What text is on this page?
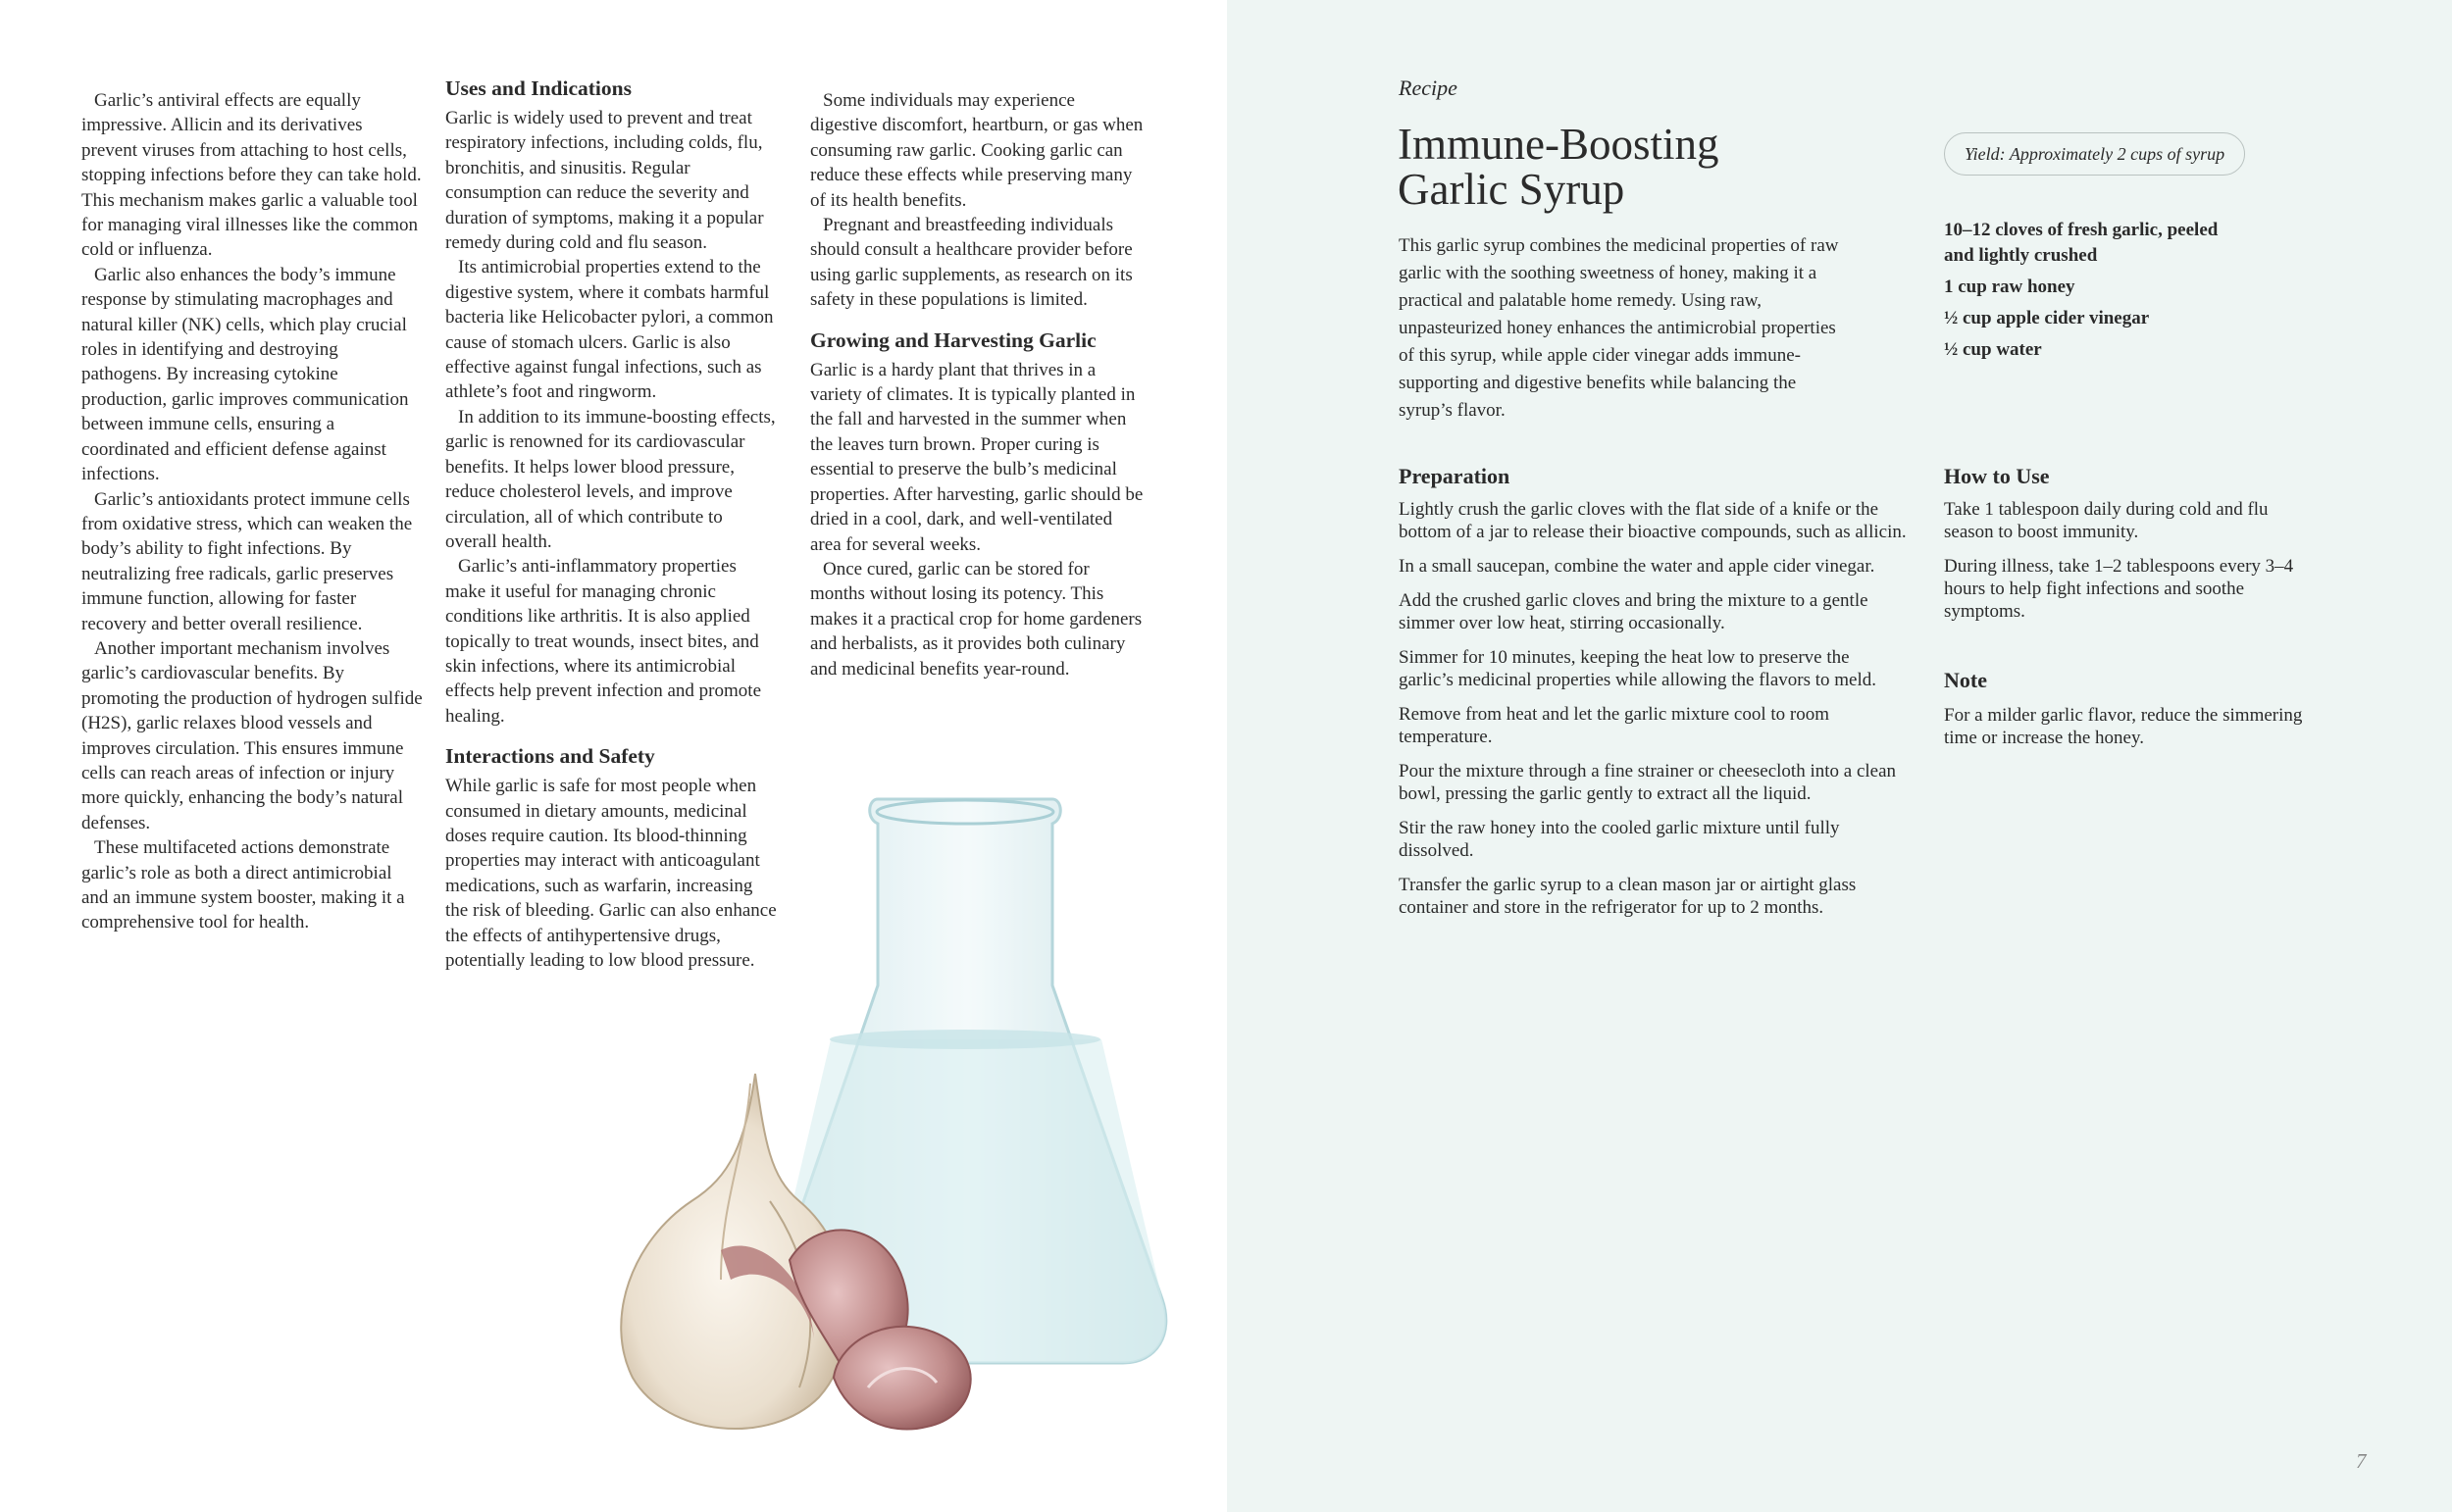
Garlic’s antiviral effects are equally impressive. Allicin and its derivatives prevent viruses from attaching to host cells, stopping infections before they can take hold. This mechanism makes garlic a valuable tool for managing viral illnesses like the common cold or influenza.

Garlic also enhances the body’s immune response by stimulating macrophages and natural killer (NK) cells, which play crucial roles in identifying and destroying pathogens. By increasing cytokine production, garlic improves communication between immune cells, ensuring a coordinated and efficient defense against infections.

Garlic’s antioxidants protect immune cells from oxidative stress, which can weaken the body’s ability to fight infections. By neutralizing free radicals, garlic preserves immune function, allowing for faster recovery and better overall resilience.

Another important mechanism involves garlic’s cardiovascular benefits. By promoting the production of hydrogen sulfide (H2S), garlic relaxes blood vessels and improves circulation. This ensures immune cells can reach areas of infection or injury more quickly, enhancing the body’s natural defenses.

These multifaceted actions demonstrate garlic’s role as both a direct antimicrobial and an immune system booster, making it a comprehensive tool for health.

Uses and Indications

Garlic is widely used to prevent and treat respiratory infections, including colds, flu, bronchitis, and sinusitis. Regular consumption can reduce the severity and duration of symptoms, making it a popular remedy during cold and flu season.

Its antimicrobial properties extend to the digestive system, where it combats harmful bacteria like Helicobacter pylori, a common cause of stomach ulcers. Garlic is also effective against fungal infections, such as athlete’s foot and ringworm.

In addition to its immune-boosting effects, garlic is renowned for its cardiovascular benefits. It helps lower blood pressure, reduce cholesterol levels, and improve circulation, all of which contribute to overall health.

Garlic’s anti-inflammatory properties make it useful for managing chronic conditions like arthritis. It is also applied topically to treat wounds, insect bites, and skin infections, where its antimicrobial effects help prevent infection and promote healing.

Interactions and Safety

While garlic is safe for most people when consumed in dietary amounts, medicinal doses require caution. Its blood-thinning properties may interact with anticoagulant medications, such as warfarin, increasing the risk of bleeding. Garlic can also enhance the effects of antihypertensive drugs, potentially leading to low blood pressure.

Some individuals may experience digestive discomfort, heartburn, or gas when consuming raw garlic. Cooking garlic can reduce these effects while preserving many of its health benefits.

Pregnant and breastfeeding individuals should consult a healthcare provider before using garlic supplements, as research on its safety in these populations is limited.

Growing and Harvesting Garlic

Garlic is a hardy plant that thrives in a variety of climates. It is typically planted in the fall and harvested in the summer when the leaves turn brown. Proper curing is essential to preserve the bulb’s medicinal properties. After harvesting, garlic should be dried in a cool, dark, and well-ventilated area for several weeks.

Once cured, garlic can be stored for months without losing its potency. This makes it a practical crop for home gardeners and herbalists, as it provides both culinary and medicinal benefits year-round.

Recipe
Immune-Boosting
Garlic Syrup

This garlic syrup combines the medicinal properties of raw garlic with the soothing sweetness of honey, making it a practical and palatable home remedy. Using raw, unpasteurized honey enhances the antimicrobial properties of this syrup, while apple cider vinegar adds immune-supporting and digestive benefits while balancing the syrup’s flavor.

Yield: Approximately 2 cups of syrup
10–12 cloves of fresh garlic, peeled and lightly crushed
1 cup raw honey
½ cup apple cider vinegar
½ cup water
Preparation

Lightly crush the garlic cloves with the flat side of a knife or the bottom of a jar to release their bioactive compounds, such as allicin.

In a small saucepan, combine the water and apple cider vinegar.

Add the crushed garlic cloves and bring the mixture to a gentle simmer over low heat, stirring occasionally.

Simmer for 10 minutes, keeping the heat low to preserve the garlic’s medicinal properties while allowing the flavors to meld.

Remove from heat and let the garlic mixture cool to room temperature.

Pour the mixture through a fine strainer or cheesecloth into a clean bowl, pressing the garlic gently to extract all the liquid.

Stir the raw honey into the cooled garlic mixture until fully dissolved.

Transfer the garlic syrup to a clean mason jar or airtight glass container and store in the refrigerator for up to 2 months.

How to Use

Take 1 tablespoon daily during cold and flu season to boost immunity.

During illness, take 1–2 tablespoons every 3–4 hours to help fight infections and soothe symptoms.

Note

For a milder garlic flavor, reduce the simmering time or increase the honey.

7
